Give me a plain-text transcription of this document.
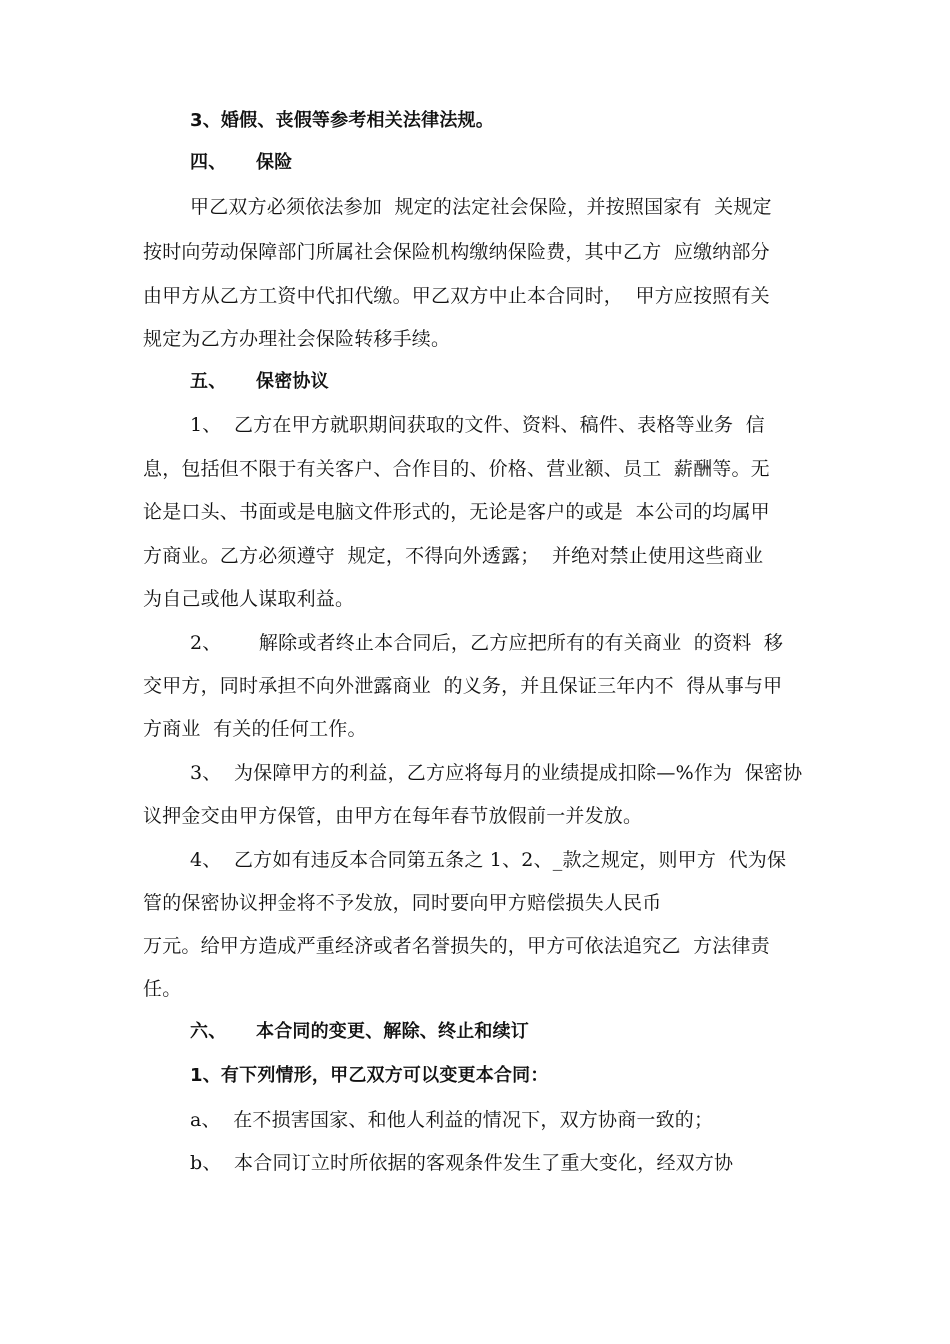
3、婚假、丧假等参考相关法律法规。
四、 保险
甲乙双方必须依法参加  规定的法定社会保险，并按照国家有  关规定
按时向劳动保障部门所属社会保险机构缴纳保险费，其中乙方  应缴纳部分
由甲方从乙方工资中代扣代缴。甲乙双方中止本合同时，  甲方应按照有关
规定为乙方办理社会保险转移手续。
五、 保密协议
1、  乙方在甲方就职期间获取的文件、资料、稿件、表格等业务  信
息，包括但不限于有关客户、合作目的、价格、营业额、员工  薪酬等。无
论是口头、书面或是电脑文件形式的，无论是客户的或是  本公司的均属甲
方商业。乙方必须遵守  规定，不得向外透露；  并绝对禁止使用这些商业
为自己或他人谋取利益。
2、      解除或者终止本合同后，乙方应把所有的有关商业  的资料  移
交甲方，同时承担不向外泄露商业  的义务，并且保证三年内不  得从事与甲
方商业  有关的任何工作。
3、  为保障甲方的利益，乙方应将每月的业绩提成扣除—%作为  保密协
议押金交由甲方保管，由甲方在每年春节放假前一并发放。
4、  乙方如有违反本合同第五条之 1、2、_款之规定，则甲方  代为保
管的保密协议押金将不予发放，同时要向甲方赔偿损失人民币
万元。给甲方造成严重经济或者名誉损失的，甲方可依法追究乙  方法律责
任。
六、 本合同的变更、解除、终止和续订
1、有下列情形，甲乙双方可以变更本合同：
a、  在不损害国家、和他人利益的情况下，双方协商一致的；
b、  本合同订立时所依据的客观条件发生了重大变化，经双方协
